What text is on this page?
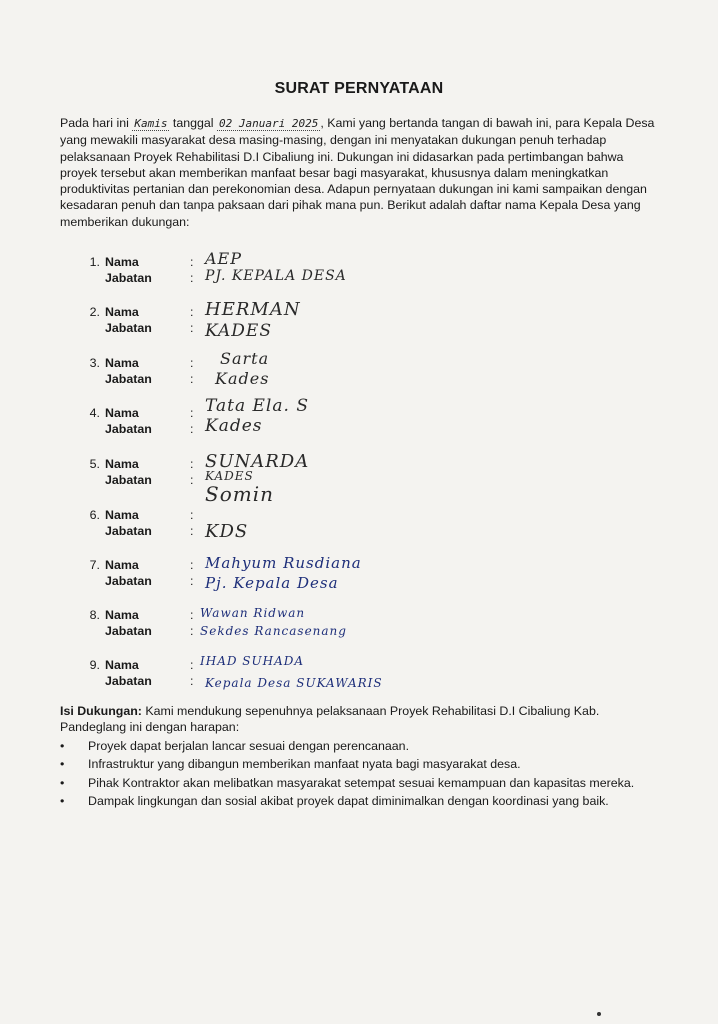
SURAT PERNYATAAN
Pada hari ini Kamis tanggal 02 Januari 2025 , Kami yang bertanda tangan di bawah ini, para Kepala Desa yang mewakili masyarakat desa masing-masing, dengan ini menyatakan dukungan penuh terhadap pelaksanaan Proyek Rehabilitasi D.I Cibaliung ini. Dukungan ini didasarkan pada pertimbangan bahwa proyek tersebut akan memberikan manfaat besar bagi masyarakat, khususnya dalam meningkatkan produktivitas pertanian dan perekonomian desa. Adapun pernyataan dukungan ini kami sampaikan dengan kesadaran penuh dan tanpa paksaan dari pihak mana pun. Berikut adalah daftar nama Kepala Desa yang memberikan dukungan:
1. Nama	: AEP
Jabatan	: PJ. KEPALA DESA
2. Nama	: HERMAN
Jabatan	: KADES
3. Nama	: Sarta
Jabatan	: Kades
4. Nama	: Tata Ela. S
Jabatan	: Kades
5. Nama	: SUNARDA
Jabatan	: KADES
6. Nama	:
Somin
Jabatan	: KDS
7. Nama	: Mahyum Rusdiana
Jabatan	: Pj. Kepala Desa
8. Nama	: Wawan Ridwan
Jabatan	: Sekdes Rancasenang
9. Nama	: IHAD SUHADA
Jabatan	: Kepala Desa SUKAWARIS
Isi Dukungan: Kami mendukung sepenuhnya pelaksanaan Proyek Rehabilitasi D.I Cibaliung Kab. Pandeglang ini dengan harapan:
• Proyek dapat berjalan lancar sesuai dengan perencanaan.
• Infrastruktur yang dibangun memberikan manfaat nyata bagi masyarakat desa.
• Pihak Kontraktor akan melibatkan masyarakat setempat sesuai kemampuan dan kapasitas mereka.
• Dampak lingkungan dan sosial akibat proyek dapat diminimalkan dengan koordinasi yang baik.
